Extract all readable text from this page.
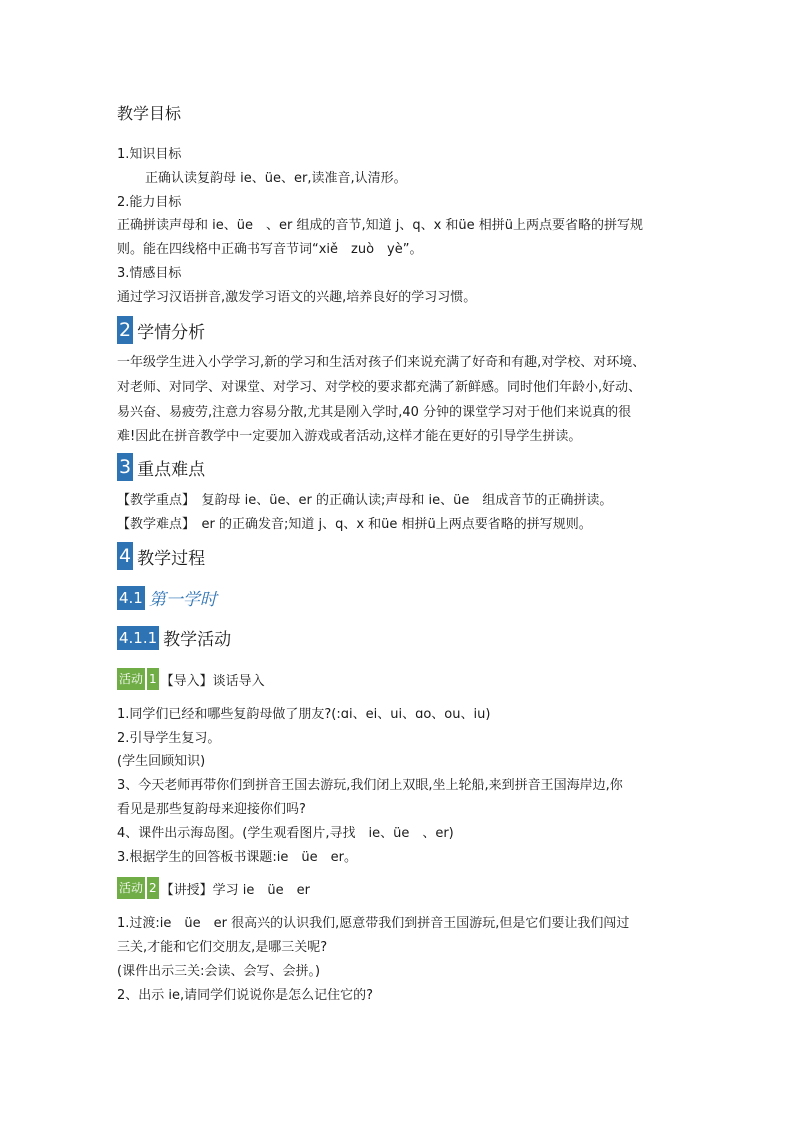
教学目标
1.知识目标
正确认读复韵母 ie、üe、er,读准音,认清形。
2.能力目标
正确拼读声母和 ie、üe　、er 组成的音节,知道 j、q、x 和üe 相拼ü上两点要省略的拼写规
则。能在四线格中正确书写音节词“xiě　zuò　yè”。
3.情感目标
通过学习汉语拼音,激发学习语文的兴趣,培养良好的学习习惯。
2 学情分析
一年级学生进入小学学习,新的学习和生活对孩子们来说充满了好奇和有趣,对学校、对环境、
对老师、对同学、对课堂、对学习、对学校的要求都充满了新鲜感。同时他们年龄小,好动、
易兴奋、易疲劳,注意力容易分散,尤其是刚入学时,40 分钟的课堂学习对于他们来说真的很
难!因此在拼音教学中一定要加入游戏或者活动,这样才能在更好的引导学生拼读。
3 重点难点
【教学重点】　复韵母 ie、üe、er 的正确认读;声母和 ie、üe　组成音节的正确拼读。
【教学难点】　er 的正确发音;知道 j、q、x 和üe 相拼ü上两点要省略的拼写规则。
4 教学过程
4.1 第一学时
4.1.1 教学活动
活动 1 【导入】谈话导入
1.同学们已经和哪些复韵母做了朋友?(:ɑi、ei、ui、ɑo、ou、iu)
2.引导学生复习。
(学生回顾知识)
3、今天老师再带你们到拼音王国去游玩,我们闭上双眼,坐上轮船,来到拼音王国海岸边,你
看见是那些复韵母来迎接你们吗?
4、课件出示海岛图。(学生观看图片,寻找　ie、üe　、er)
3.根据学生的回答板书课题:ie　üe　er。
活动 2 【讲授】学习 ie　üe　er
1.过渡:ie　üe　er 很高兴的认识我们,愿意带我们到拼音王国游玩,但是它们要让我们闯过
三关,才能和它们交朋友,是哪三关呢?
(课件出示三关:会读、会写、会拼。)
2、出示 ie,请同学们说说你是怎么记住它的?
